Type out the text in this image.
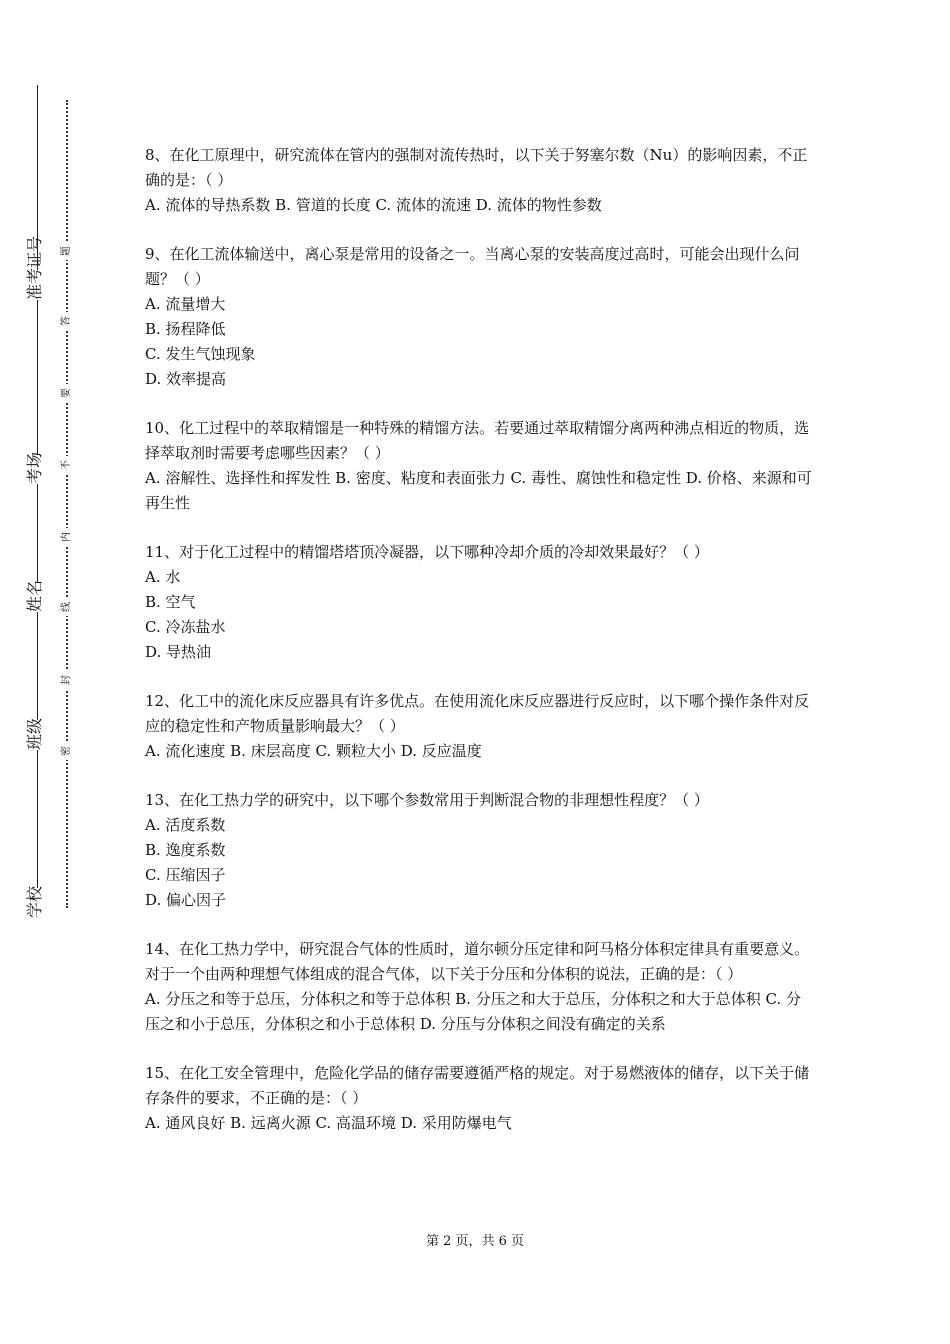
准考证号
考场
姓名
班级
学校
题
答
要
不
内
线
封
密

8、在化工原理中，研究流体在管内的强制对流传热时，以下关于努塞尔数（Nu）的影响因素，不正确的是：（ ）

A. 流体的导热系数 B. 管道的长度 C. 流体的流速 D. 流体的物性参数

9、在化工流体输送中，离心泵是常用的设备之一。当离心泵的安装高度过高时，可能会出现什么问题？（ ）

A. 流量增大

B. 扬程降低

C. 发生气蚀现象

D. 效率提高

10、化工过程中的萃取精馏是一种特殊的精馏方法。若要通过萃取精馏分离两种沸点相近的物质，选择萃取剂时需要考虑哪些因素？（ ）

A. 溶解性、选择性和挥发性 B. 密度、粘度和表面张力 C. 毒性、腐蚀性和稳定性 D. 价格、来源和可再生性

11、对于化工过程中的精馏塔塔顶冷凝器，以下哪种冷却介质的冷却效果最好？（ ）

A. 水

B. 空气

C. 冷冻盐水

D. 导热油

12、化工中的流化床反应器具有许多优点。在使用流化床反应器进行反应时，以下哪个操作条件对反应的稳定性和产物质量影响最大？（ ）

A. 流化速度 B. 床层高度 C. 颗粒大小 D. 反应温度

13、在化工热力学的研究中，以下哪个参数常用于判断混合物的非理想性程度？（ ）

A. 活度系数

B. 逸度系数

C. 压缩因子

D. 偏心因子

14、在化工热力学中，研究混合气体的性质时，道尔顿分压定律和阿马格分体积定律具有重要意义。对于一个由两种理想气体组成的混合气体，以下关于分压和分体积的说法，正确的是：（ ）

A. 分压之和等于总压，分体积之和等于总体积 B. 分压之和大于总压，分体积之和大于总体积 C. 分压之和小于总压，分体积之和小于总体积 D. 分压与分体积之间没有确定的关系

15、在化工安全管理中，危险化学品的储存需要遵循严格的规定。对于易燃液体的储存，以下关于储存条件的要求，不正确的是：（ ）

A. 通风良好 B. 远离火源 C. 高温环境 D. 采用防爆电气

第 2 页，共 6 页
